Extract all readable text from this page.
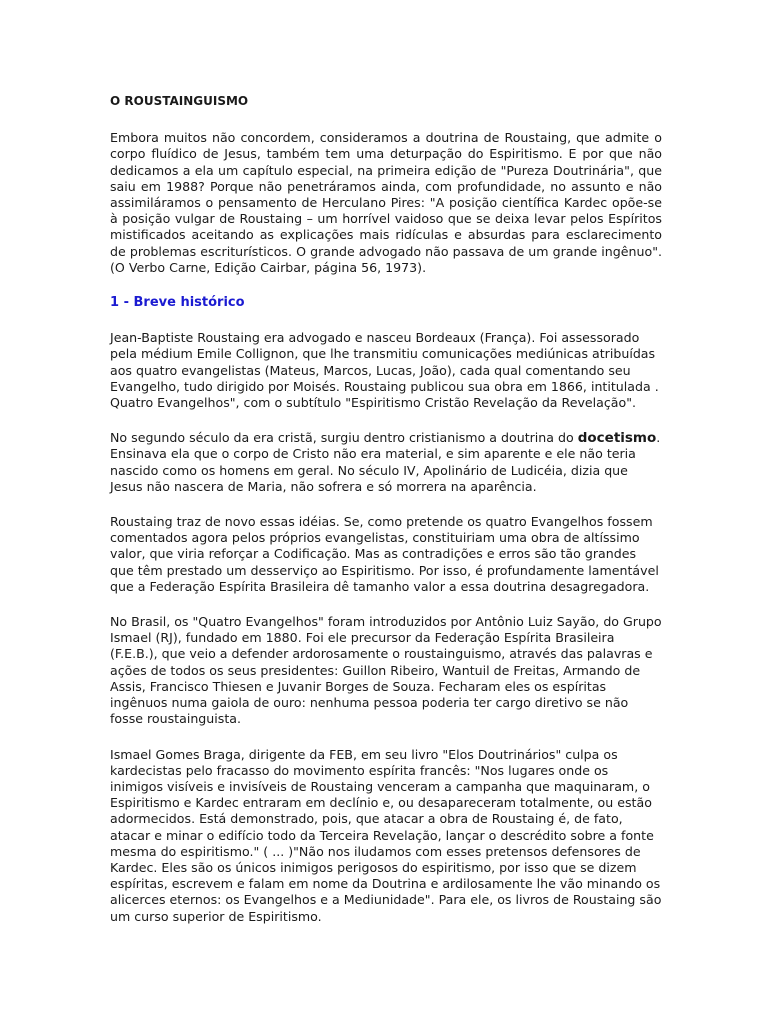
O ROUSTAINGUISMO

Embora muitos não concordem, consideramos a doutrina de Roustaing, que admite o corpo fluídico de Jesus, também tem uma deturpação do Espiritismo. E por que não dedicamos a ela um capítulo especial, na primeira edição de "Pureza Doutrinária", que saiu em 1988? Porque não penetráramos ainda, com profundidade, no assunto e não assimiláramos o pensamento de Herculano Pires: "A posição científica Kardec opõe-se à posição vulgar de Roustaing – um horrível vaidoso que se deixa levar pelos Espíritos mistificados aceitando as explicações mais ridículas e absurdas para esclarecimento de problemas escriturísticos. O grande advogado não passava de um grande ingênuo". (O Verbo Carne, Edição Cairbar, página 56, 1973).

1 - Breve histórico

Jean-Baptiste Roustaing era advogado e nasceu Bordeaux (França). Foi assessorado pela médium Emile Collignon, que lhe transmitiu comunicações mediúnicas atribuídas aos quatro evangelistas (Mateus, Marcos, Lucas, João), cada qual comentando seu Evangelho, tudo dirigido por Moisés. Roustaing publicou sua obra em 1866, intitulada . Quatro Evangelhos", com o subtítulo "Espiritismo Cristão Revelação da Revelação".

No segundo século da era cristã, surgiu dentro cristianismo a doutrina do docetismo. Ensinava ela que o corpo de Cristo não era material, e sim aparente e ele não teria nascido como os homens em geral. No século IV, Apolinário de Ludicéia, dizia que Jesus não nascera de Maria, não sofrera e só morrera na aparência.

Roustaing traz de novo essas idéias. Se, como pretende os quatro Evangelhos fossem comentados agora pelos próprios evangelistas, constituiriam uma obra de altíssimo valor, que viria reforçar a Codificação. Mas as contradições e erros são tão grandes que têm prestado um desserviço ao Espiritismo. Por isso, é profundamente lamentável que a Federação Espírita Brasileira dê tamanho valor a essa doutrina desagregadora.

No Brasil, os "Quatro Evangelhos" foram introduzidos por Antônio Luiz Sayão, do Grupo Ismael (RJ), fundado em 1880. Foi ele precursor da Federação Espírita Brasileira (F.E.B.), que veio a defender ardorosamente o roustainguismo, através das palavras e ações de todos os seus presidentes: Guillon Ribeiro, Wantuil de Freitas, Armando de Assis, Francisco Thiesen e Juvanir Borges de Souza. Fecharam eles os espíritas ingênuos numa gaiola de ouro: nenhuma pessoa poderia ter cargo diretivo se não fosse roustainguista.

Ismael Gomes Braga, dirigente da FEB, em seu livro "Elos Doutrinários" culpa os kardecistas pelo fracasso do movimento espírita francês: "Nos lugares onde os inimigos visíveis e invisíveis de Roustaing venceram a campanha que maquinaram, o Espiritismo e Kardec entraram em declínio e, ou desapareceram totalmente, ou estão adormecidos. Está demonstrado, pois, que atacar a obra de Roustaing é, de fato, atacar e minar o edifício todo da Terceira Revelação, lançar o descrédito sobre a fonte mesma do espiritismo." ( ... )"Não nos iludamos com esses pretensos defensores de Kardec. Eles são os únicos inimigos perigosos do espiritismo, por isso que se dizem espíritas, escrevem e falam em nome da Doutrina e ardilosamente lhe vão minando os alicerces eternos: os Evangelhos e a Mediunidade". Para ele, os livros de Roustaing são um curso superior de Espiritismo.
